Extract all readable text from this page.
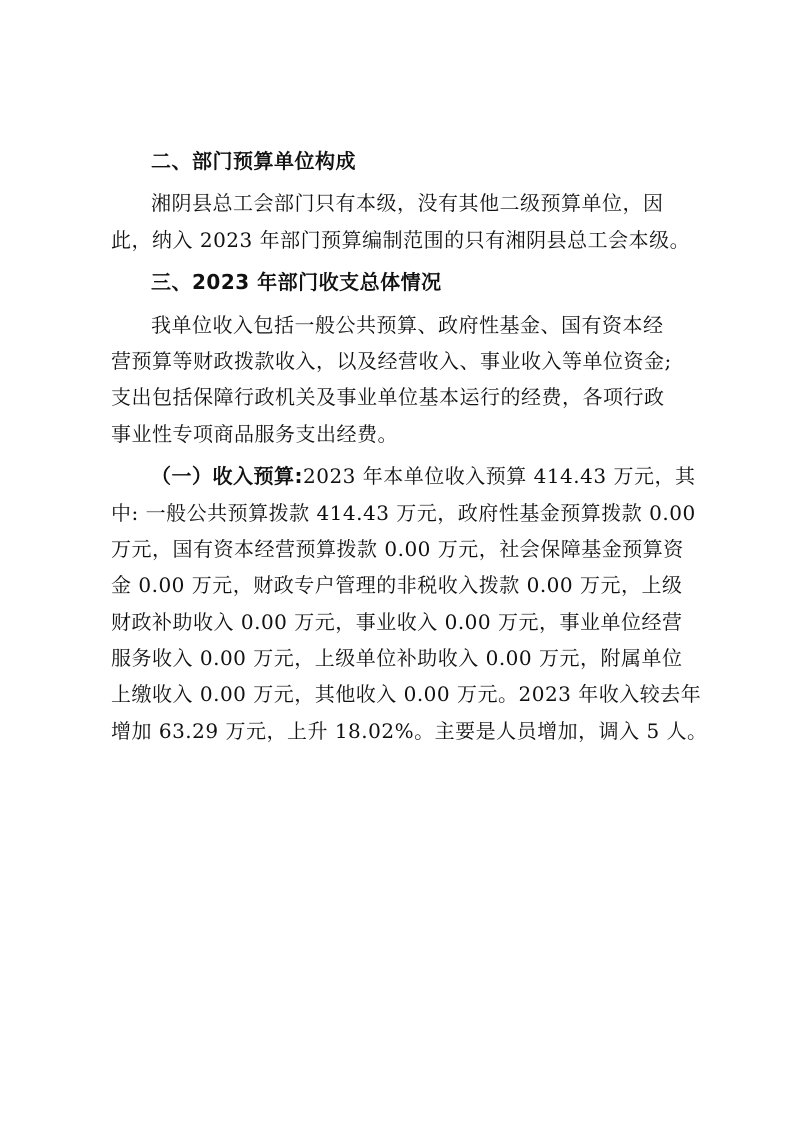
二、部门预算单位构成
湘阴县总工会部门只有本级，没有其他二级预算单位，因
此，纳入 2023 年部门预算编制范围的只有湘阴县总工会本级。
三、2023 年部门收支总体情况
我单位收入包括一般公共预算、政府性基金、国有资本经
营预算等财政拨款收入，以及经营收入、事业收入等单位资金;
支出包括保障行政机关及事业单位基本运行的经费，各项行政
事业性专项商品服务支出经费。
（一）收入预算:2023 年本单位收入预算 414.43 万元，其
中: 一般公共预算拨款 414.43 万元，政府性基金预算拨款 0.00
万元，国有资本经营预算拨款 0.00 万元，社会保障基金预算资
金 0.00 万元，财政专户管理的非税收入拨款 0.00 万元，上级
财政补助收入 0.00 万元，事业收入 0.00 万元，事业单位经营
服务收入 0.00 万元，上级单位补助收入 0.00 万元，附属单位
上缴收入 0.00 万元，其他收入 0.00 万元。2023 年收入较去年
增加 63.29 万元，上升 18.02%。主要是人员增加，调入 5 人。
